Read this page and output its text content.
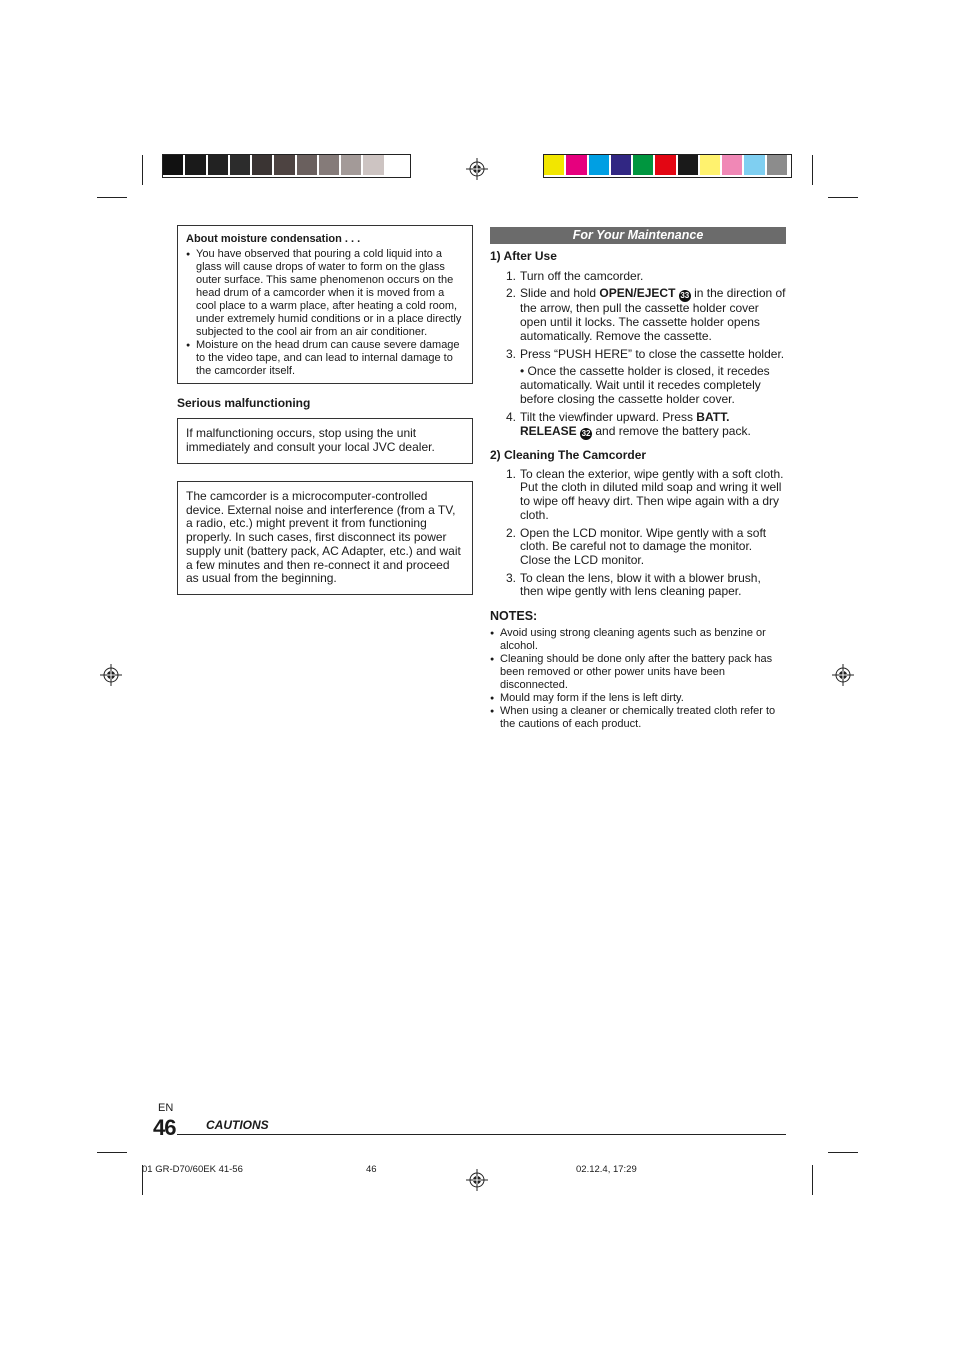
About moisture condensation . . .
● You have observed that pouring a cold liquid into a glass will cause drops of water to form on the glass outer surface. This same phenomenon occurs on the head drum of a camcorder when it is moved from a cool place to a warm place, after heating a cold room, under extremely humid conditions or in a place directly subjected to the cool air from an air conditioner.
● Moisture on the head drum can cause severe damage to the video tape, and can lead to internal damage to the camcorder itself.
Serious malfunctioning
If malfunctioning occurs, stop using the unit immediately and consult your local JVC dealer.
The camcorder is a microcomputer-controlled device. External noise and interference (from a TV, a radio, etc.) might prevent it from functioning properly. In such cases, first disconnect its power supply unit (battery pack, AC Adapter, etc.) and wait a few minutes and then re-connect it and proceed as usual from the beginning.
For Your Maintenance
1) After Use
1. Turn off the camcorder.
2. Slide and hold OPEN/EJECT 33 in the direction of the arrow, then pull the cassette holder cover open until it locks. The cassette holder opens automatically. Remove the cassette.
3. Press “PUSH HERE” to close the cassette holder.
• Once the cassette holder is closed, it recedes automatically. Wait until it recedes completely before closing the cassette holder cover.
4. Tilt the viewfinder upward. Press BATT. RELEASE 32 and remove the battery pack.
2) Cleaning The Camcorder
1. To clean the exterior, wipe gently with a soft cloth. Put the cloth in diluted mild soap and wring it well to wipe off heavy dirt. Then wipe again with a dry cloth.
2. Open the LCD monitor. Wipe gently with a soft cloth. Be careful not to damage the monitor. Close the LCD monitor.
3. To clean the lens, blow it with a blower brush, then wipe gently with lens cleaning paper.
NOTES:
● Avoid using strong cleaning agents such as benzine or alcohol.
● Cleaning should be done only after the battery pack has been removed or other power units have been disconnected.
● Mould may form if the lens is left dirty.
● When using a cleaner or chemically treated cloth refer to the cautions of each product.
EN
46	CAUTIONS
01 GR-D70/60EK 41-56	46	02.12.4, 17:29
